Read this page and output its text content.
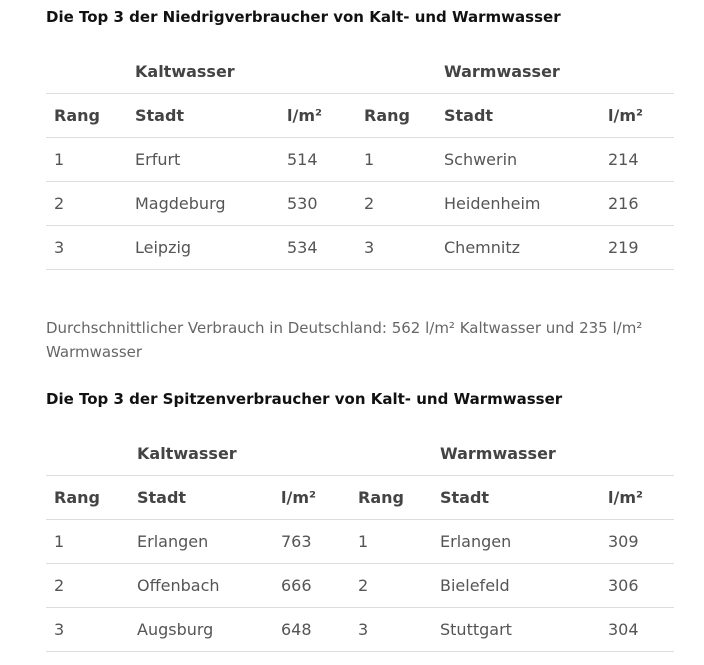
Die Top 3 der Niedrigverbraucher von Kalt- und Warmwasser
Kaltwasser	Warmwasser
Rang Stadt	l/m²	Rang Stadt	l/m²
1	Erfurt	514	1	Schwerin	214
2	Magdeburg	530	2	Heidenheim	216
3	Leipzig	534	3	Chemnitz	219

Durchschnittlicher Verbrauch in Deutschland: 562 l/m² Kaltwasser und 235 l/m² Warmwasser

Die Top 3 der Spitzenverbraucher von Kalt- und Warmwasser
Kaltwasser	Warmwasser
Rang Stadt	l/m²	Rang Stadt	l/m²
1	Erlangen	763	1	Erlangen	309
2	Offenbach	666	2	Bielefeld	306
3	Augsburg	648	3	Stuttgart	304
